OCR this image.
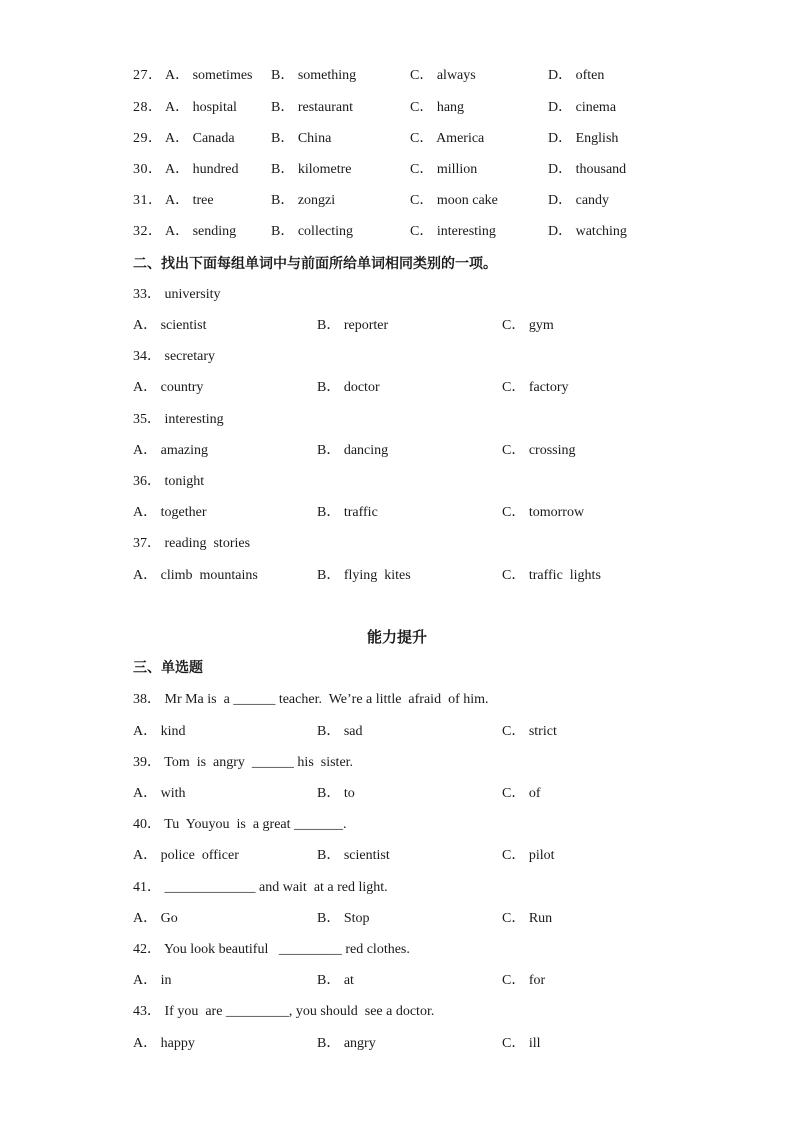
27． A． sometimes B． something	C． always	D． often
28． A． hospital B． restaurant	C． hang	D． cinema
29． A． Canada	B． China	C． America	D． English
30． A． hundred B． kilometre	C． million	D． thousand
31． A． tree	B． zongzi	C． moon cake	D． candy
32． A． sending B． collecting	C． interesting	D． watching
二、找出下面每组单词中与前面所给单词相同类别的一项。
33． university
A． scientist	B． reporter	C． gym
34． secretary
A． country	B． doctor	C． factory
35． interesting
A． amazing	B． dancing	C． crossing
36． tonight
A． together	B． traffic	C． tomorrow
37． reading  stories
A． climb  mountains	B． flying  kites	C． traffic  lights
能力提升
三、单选题
38． Mr Ma is  a ______ teacher.  We’re a little  afraid  of him.
A． kind	B． sad	C． strict
39． Tom  is  angry  ______ his  sister.
A． with	B． to	C． of
40． Tu  Youyou  is  a great _______.
A． police  officer	B． scientist	C． pilot
41． _____________ and wait  at a red light.
A． Go	B． Stop	C． Run
42． You look beautiful   _________ red clothes.
A． in	B． at	C． for
43． If you  are _________, you should  see a doctor.
A． happy	B． angry	C． ill
